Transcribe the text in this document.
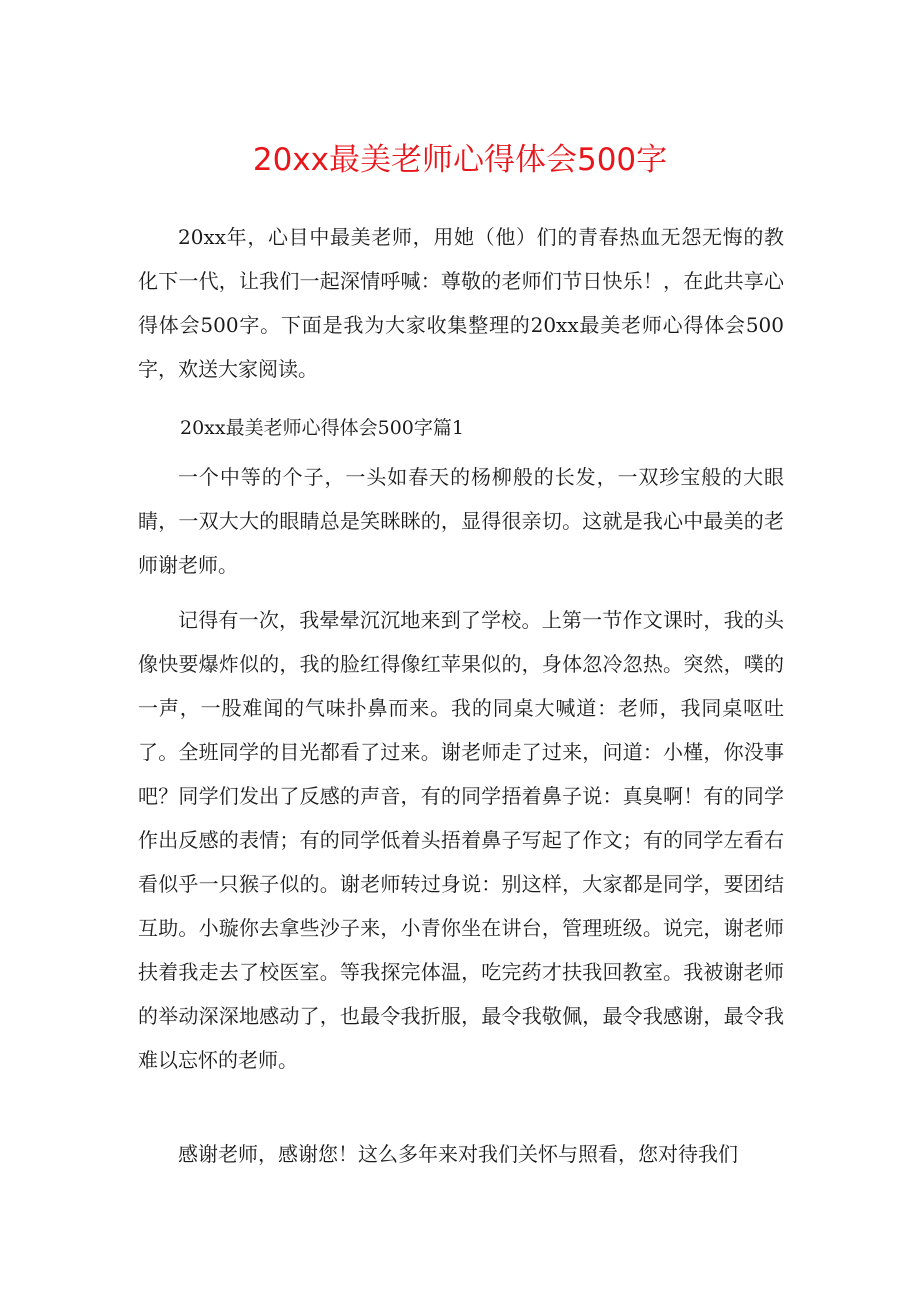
20xx最美老师心得体会500字

20xx年，心目中最美老师，用她（他）们的青春热血无怨无悔的教化下一代，让我们一起深情呼喊：尊敬的老师们节日快乐！，在此共享心得体会500字。下面是我为大家收集整理的20xx最美老师心得体会500字，欢送大家阅读。

20xx最美老师心得体会500字篇1

一个中等的个子，一头如春天的杨柳般的长发，一双珍宝般的大眼睛，一双大大的眼睛总是笑眯眯的，显得很亲切。这就是我心中最美的老师谢老师。

记得有一次，我晕晕沉沉地来到了学校。上第一节作文课时，我的头像快要爆炸似的，我的脸红得像红苹果似的，身体忽冷忽热。突然，噗的一声，一股难闻的气味扑鼻而来。我的同桌大喊道：老师，我同桌呕吐了。全班同学的目光都看了过来。谢老师走了过来，问道：小槿，你没事吧？同学们发出了反感的声音，有的同学捂着鼻子说：真臭啊！有的同学作出反感的表情；有的同学低着头捂着鼻子写起了作文；有的同学左看右看似乎一只猴子似的。谢老师转过身说：别这样，大家都是同学，要团结互助。小璇你去拿些沙子来，小青你坐在讲台，管理班级。说完，谢老师扶着我走去了校医室。等我探完体温，吃完药才扶我回教室。我被谢老师的举动深深地感动了，也最令我折服，最令我敬佩，最令我感谢，最令我难以忘怀的老师。

感谢老师，感谢您！这么多年来对我们关怀与照看，您对待我们
